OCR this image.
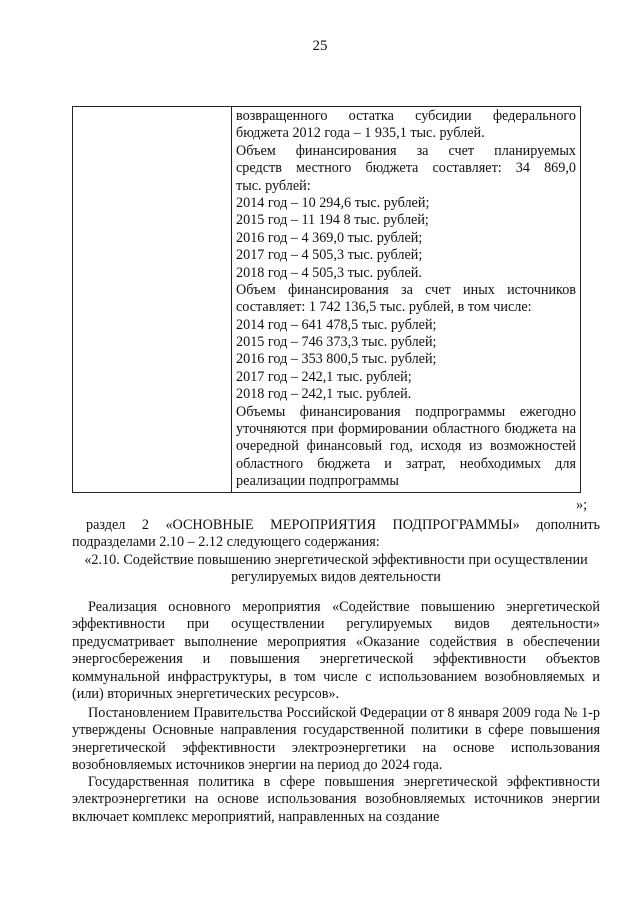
25

возвращенного остатка субсидии федерального
бюджета 2012 года – 1 935,1 тыс. рублей.
Объем финансирования за счет планируемых
средств местного бюджета составляет: 34 869,0
тыс. рублей:
2014 год – 10 294,6 тыс. рублей;
2015 год – 11 194 8 тыс. рублей;
2016 год – 4 369,0 тыс. рублей;
2017 год – 4 505,3 тыс. рублей;
2018 год – 4 505,3 тыс. рублей.
Объем финансирования за счет иных источников
составляет: 1 742 136,5 тыс. рублей, в том числе:
2014 год – 641 478,5 тыс. рублей;
2015 год – 746 373,3 тыс. рублей;
2016 год – 353 800,5 тыс. рублей;
2017 год – 242,1 тыс. рублей;
2018 год – 242,1 тыс. рублей.
Объемы финансирования подпрограммы ежегодно уточняются при формировании областного бюджета на очередной финансовый год, исходя из возможностей областного бюджета и затрат, необходимых для реализации подпрограммы
»;
раздел 2 «ОСНОВНЫЕ МЕРОПРИЯТИЯ ПОДПРОГРАММЫ» дополнить подразделами 2.10 – 2.12 следующего содержания:
«2.10. Содействие повышению энергетической эффективности при осуществлении регулируемых видов деятельности
Реализация основного мероприятия «Содействие повышению энергетической эффективности при осуществлении регулируемых видов деятельности» предусматривает выполнение мероприятия «Оказание содействия в обеспечении энергосбережения и повышения энергетической эффективности объектов коммунальной инфраструктуры, в том числе с использованием возобновляемых и (или) вторичных энергетических ресурсов».
Постановлением Правительства Российской Федерации от 8 января 2009 года № 1-р утверждены Основные направления государственной политики в сфере повышения энергетической эффективности электроэнергетики на основе использования возобновляемых источников энергии на период до 2024 года.
Государственная политика в сфере повышения энергетической эффективности электроэнергетики на основе использования возобновляемых источников энергии включает комплекс мероприятий, направленных на создание
